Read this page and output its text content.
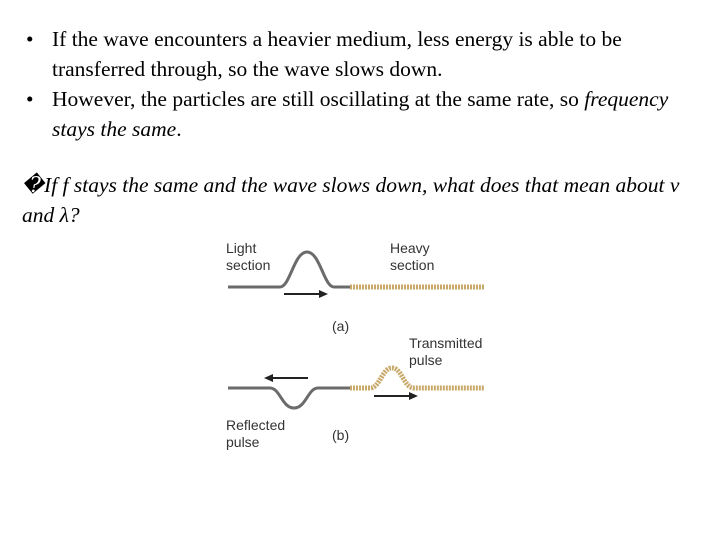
• If the wave encounters a heavier medium, less energy is able to be transferred through, so the wave slows down.
• However, the particles are still oscillating at the same rate, so frequency stays the same.
�If f stays the same and the wave slows down, what does that mean about v and λ?
Light
section
Heavy
section
(a)
Transmitted
pulse
Reflected
pulse	(b)
